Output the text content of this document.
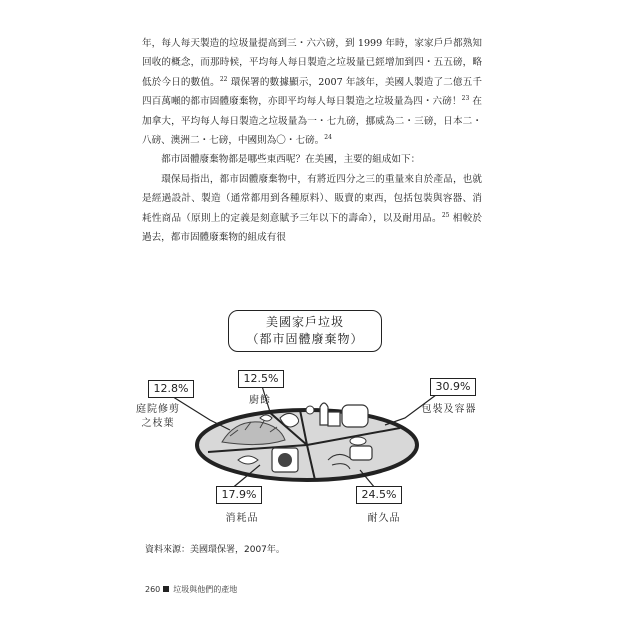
年，每人每天製造的垃圾量提高到三・六六磅，到 1999 年時，家家戶戶都熟知回收的概念，而那時候，平均每人每日製造之垃圾量已經增加到四・五五磅，略低於今日的數值。$^{22}$ 環保署的數據顯示，2007 年該年，美國人製造了二億五千四百萬噸的都市固體廢棄物，亦即平均每人每日製造之垃圾量為四・六磅！$^{23}$ 在加拿大，平均每人每日製造之垃圾量為一・七九磅，挪威為二・三磅，日本二・八磅、澳洲二・七磅，中國則為〇・七磅。$^{24}$

都市固體廢棄物都是哪些東西呢？在美國，主要的組成如下：

環保局指出，都市固體廢棄物中，有將近四分之三的重量來自於產品，也就是經過設計、製造（通常都用到各種原料）、販賣的東西，包括包裝與容器、消耗性商品（原則上的定義是刻意賦予三年以下的壽命），以及耐用品。$^{25}$ 相較於過去，都市固體廢棄物的組成有很

美國家戶垃圾
（都市固體廢棄物）
12.8%
庭院修剪
之枝葉
12.5%
廚餘
30.9%
包裝及容器
24.5%
耐久品
17.9%
消耗品
資料來源：美國環保署，2007年。
260 垃圾與他們的產地
